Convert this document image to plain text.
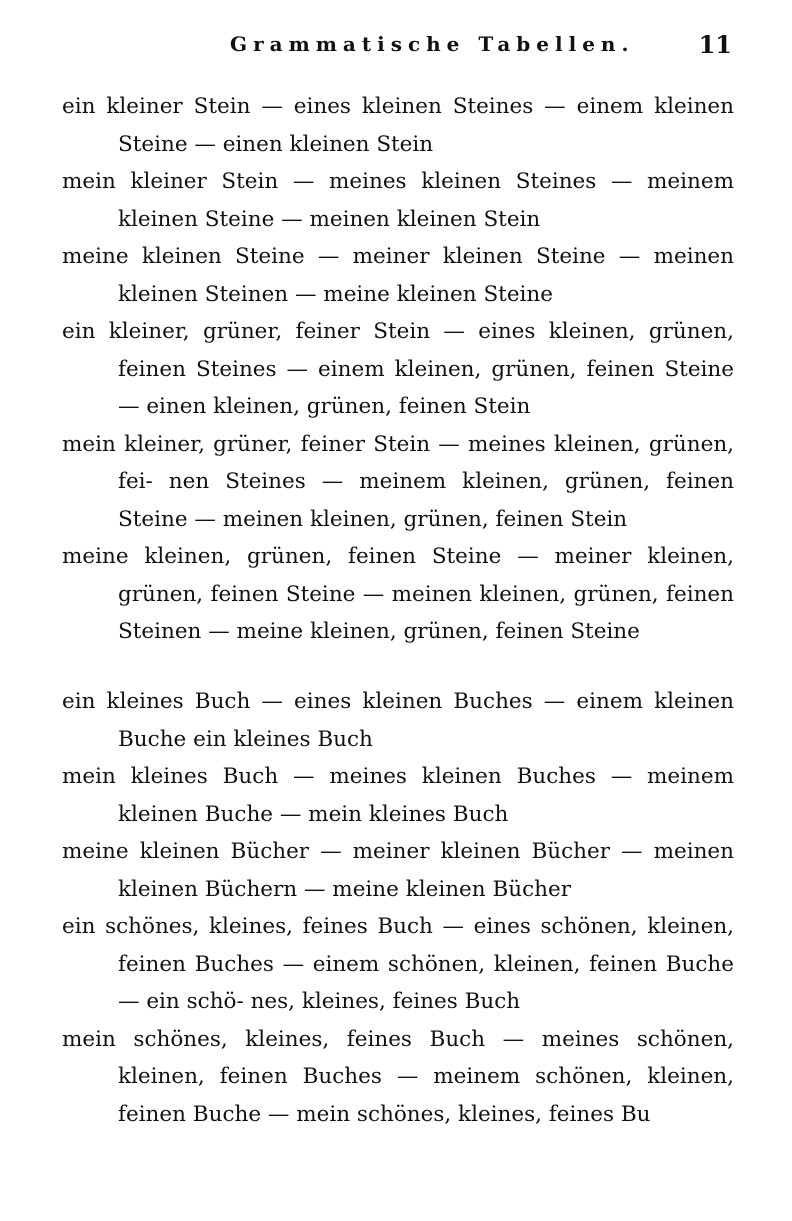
Grammatische Tabellen.	11

ein kleiner Stein — eines kleinen Steines — einem kleinen Steine — einen kleinen Stein

mein kleiner Stein — meines kleinen Steines — meinem kleinen Steine — meinen kleinen Stein

meine kleinen Steine — meiner kleinen Steine — meinen kleinen Steinen — meine kleinen Steine

ein kleiner, grüner, feiner Stein — eines kleinen, grünen, feinen Steines — einem kleinen, grünen, feinen Steine — einen kleinen, grünen, feinen Stein

mein kleiner, grüner, feiner Stein — meines kleinen, grünen, fei- nen Steines — meinem kleinen, grünen, feinen Steine — meinen kleinen, grünen, feinen Stein

meine kleinen, grünen, feinen Steine — meiner kleinen, grünen, feinen Steine — meinen kleinen, grünen, feinen Steinen — meine kleinen, grünen, feinen Steine

ein kleines Buch — eines kleinen Buches — einem kleinen Buche ein kleines Buch

mein kleines Buch — meines kleinen Buches — meinem kleinen Buche — mein kleines Buch

meine kleinen Bücher — meiner kleinen Bücher — meinen kleinen Büchern — meine kleinen Bücher

ein schönes, kleines, feines Buch — eines schönen, kleinen, feinen Buches — einem schönen, kleinen, feinen Buche — ein schö- nes, kleines, feines Buch

mein schönes, kleines, feines Buch — meines schönen, kleinen, feinen Buches — meinem schönen, kleinen, feinen Buche — mein schönes, kleines, feines Bu
